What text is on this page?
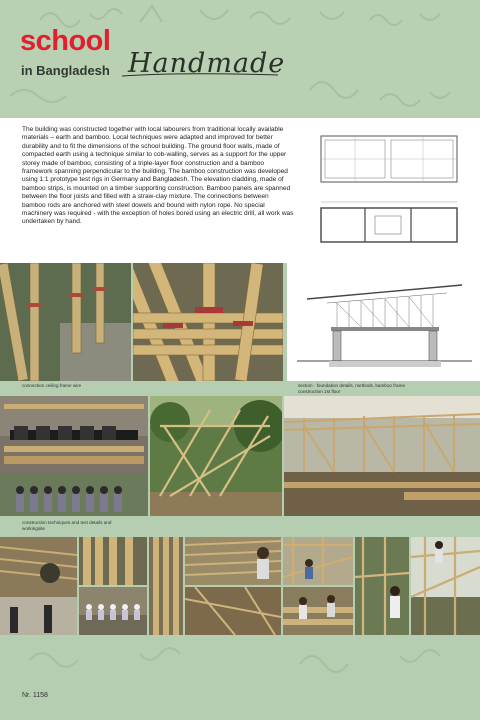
school
in Bangladesh Handmade
The building was constructed together with local labourers from traditional locally available materials – earth and bamboo. Local techniques were adapted and improved for better durability and to fit the dimensions of the school building. The ground floor walls, made of compacted earth using a technique similar to cob-walling, serves as a support for the upper storey made of bamboo, consisting of a triple-layer floor construction and a bamboo framework spanning perpendicular to the building. The bamboo construction was developed using 1:1 prototype test rigs in Germany and Bangladesh. The elevation cladding, made of bamboo strips, is mounted on a timber supporting construction. Bamboo panels are spanned between the floor joists and filled with a straw-clay mixture. The connections between bamboo rods are anchored with steel dowels and bound with nylon rope. No special machinery was required - with the exception of holes bored using an electric drill, all work was undertaken by hand.
section · foundation details, methods, bamboo frame construction 1st floor
connection ceiling frame wire
construction techniques and test details and workingsite
Nr. 1158
